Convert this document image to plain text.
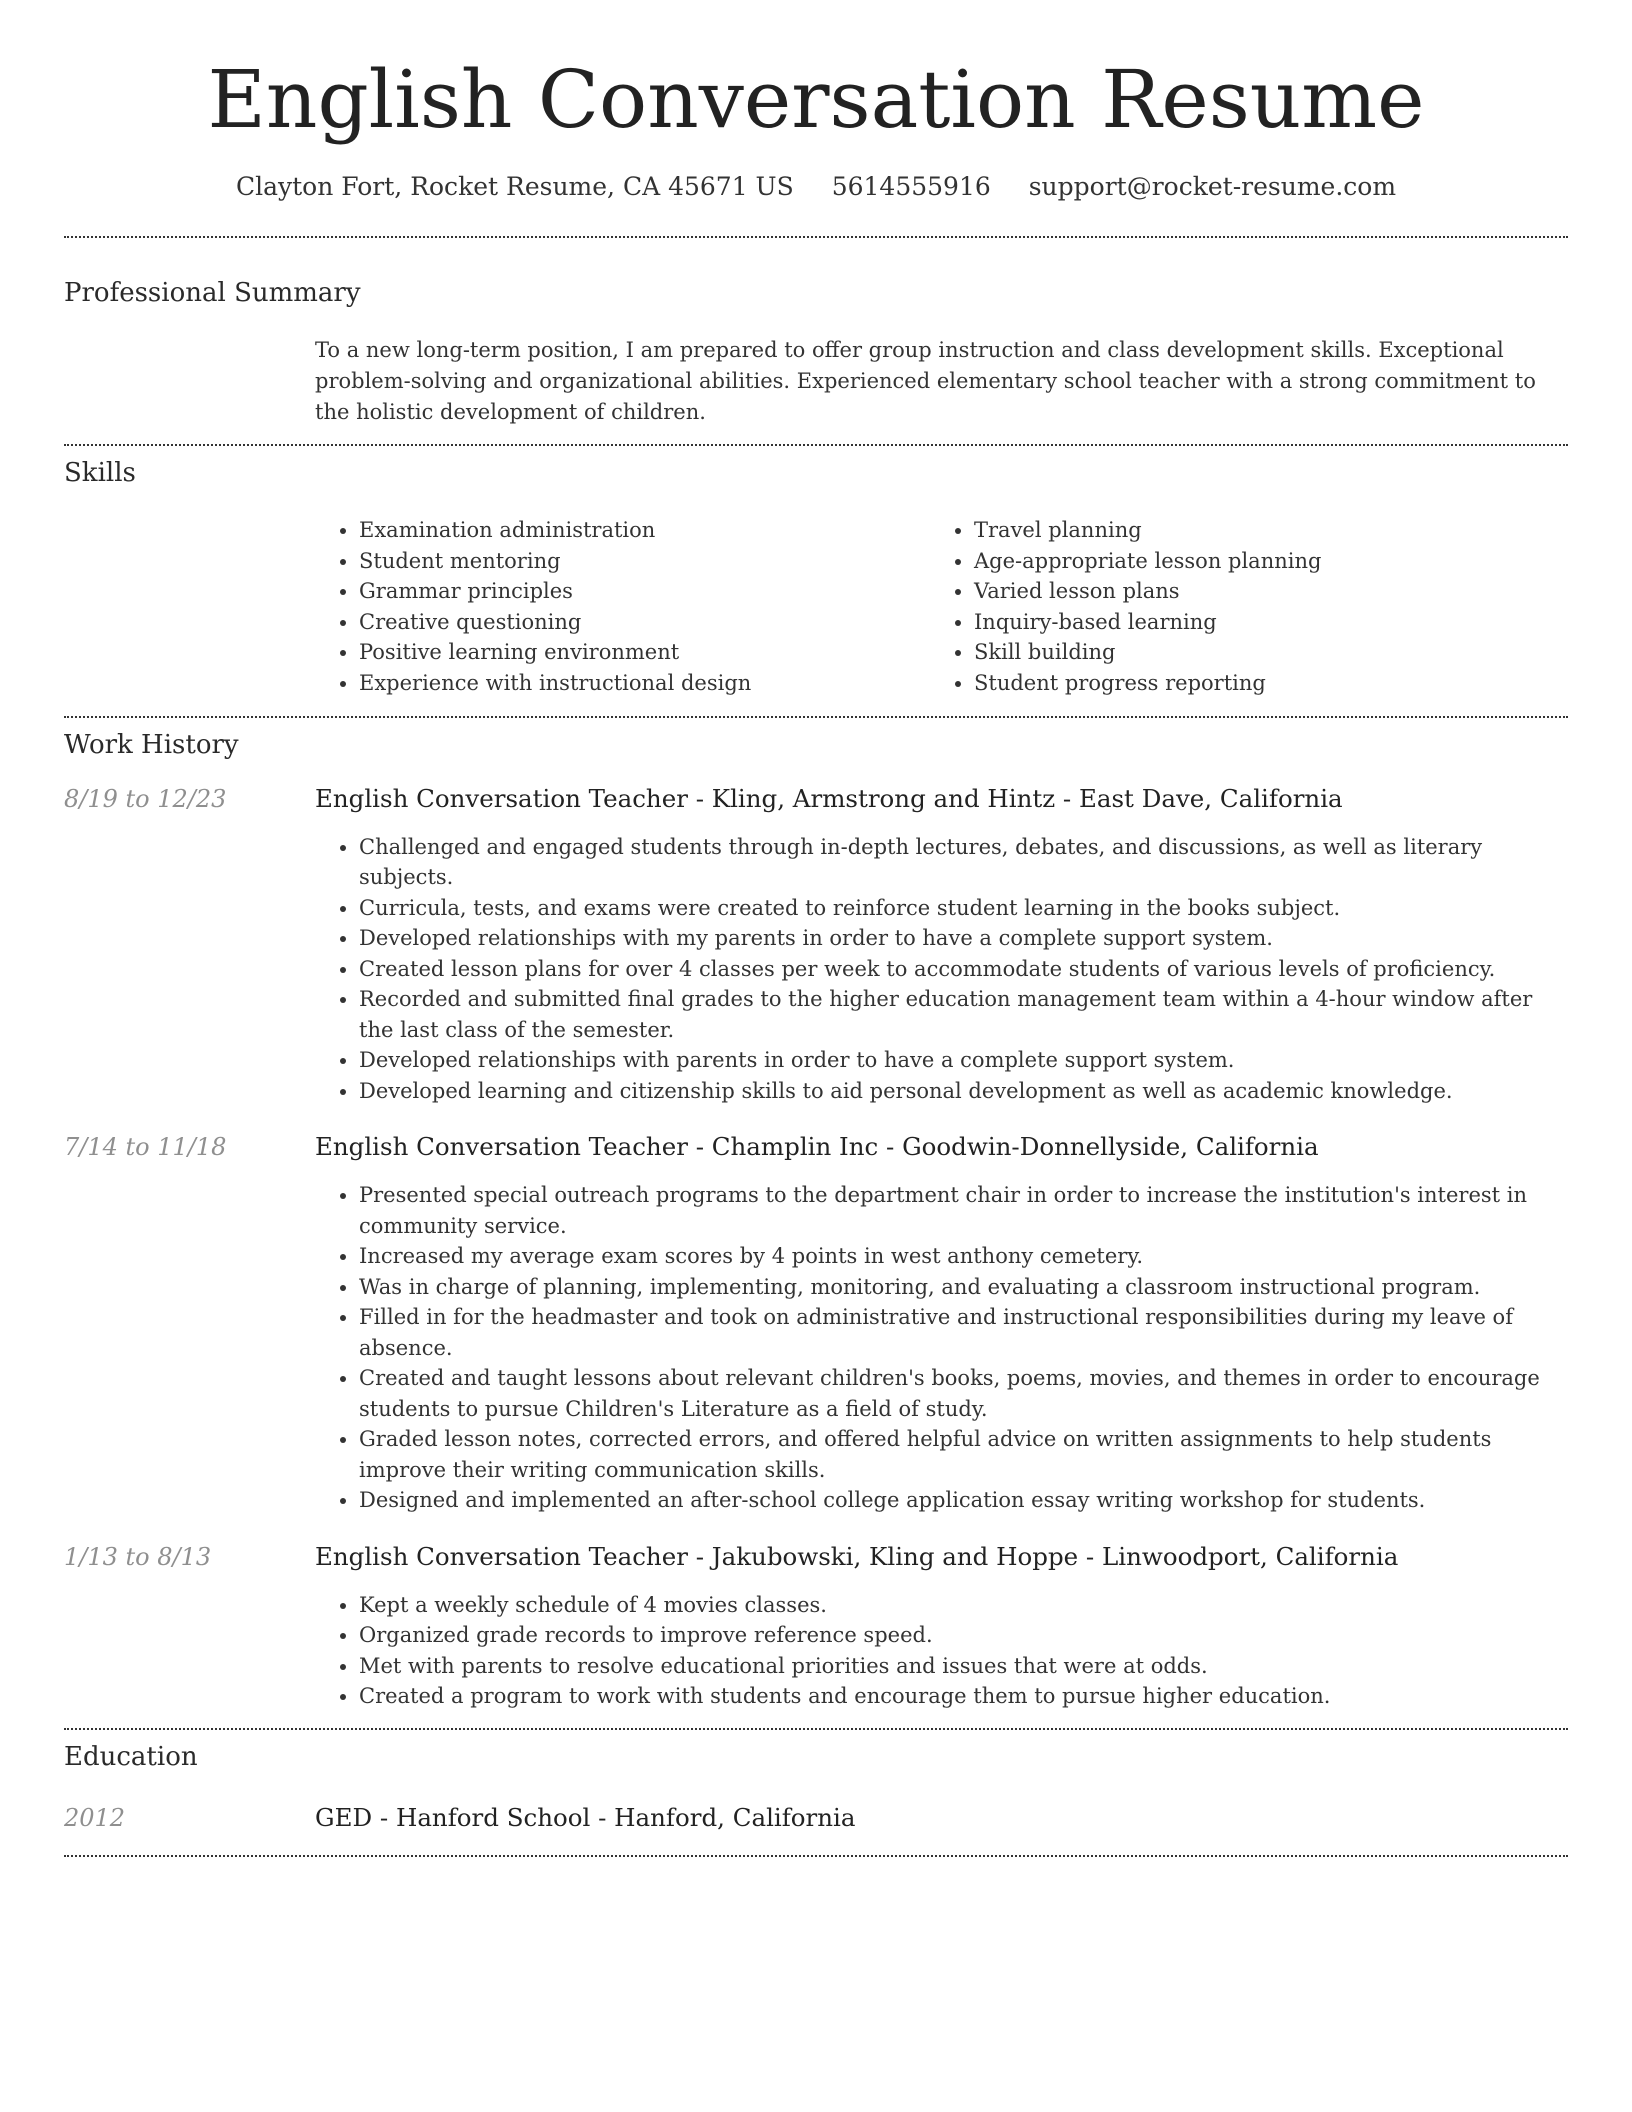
English Conversation Resume
Clayton Fort, Rocket Resume, CA 45671 US 5614555916 support@rocket-resume.com
Professional Summary
To a new long-term position, I am prepared to offer group instruction and class development skills. Exceptional problem-solving and organizational abilities. Experienced elementary school teacher with a strong commitment to the holistic development of children.
Skills
• Examination administration
• Student mentoring
• Grammar principles
• Creative questioning
• Positive learning environment
• Experience with instructional design
• Travel planning
• Age-appropriate lesson planning
• Varied lesson plans
• Inquiry-based learning
• Skill building
• Student progress reporting
Work History
8/19 to 12/23	English Conversation Teacher - Kling, Armstrong and Hintz - East Dave, California
• Challenged and engaged students through in-depth lectures, debates, and discussions, as well as literary subjects.
• Curricula, tests, and exams were created to reinforce student learning in the books subject.
• Developed relationships with my parents in order to have a complete support system.
• Created lesson plans for over 4 classes per week to accommodate students of various levels of proficiency.
• Recorded and submitted final grades to the higher education management team within a 4-hour window after the last class of the semester.
• Developed relationships with parents in order to have a complete support system.
• Developed learning and citizenship skills to aid personal development as well as academic knowledge.
7/14 to 11/18	English Conversation Teacher - Champlin Inc - Goodwin-Donnellyside, California
• Presented special outreach programs to the department chair in order to increase the institution's interest in community service.
• Increased my average exam scores by 4 points in west anthony cemetery.
• Was in charge of planning, implementing, monitoring, and evaluating a classroom instructional program.
• Filled in for the headmaster and took on administrative and instructional responsibilities during my leave of absence.
• Created and taught lessons about relevant children's books, poems, movies, and themes in order to encourage students to pursue Children's Literature as a field of study.
• Graded lesson notes, corrected errors, and offered helpful advice on written assignments to help students improve their writing communication skills.
• Designed and implemented an after-school college application essay writing workshop for students.
1/13 to 8/13	English Conversation Teacher - Jakubowski, Kling and Hoppe - Linwoodport, California
• Kept a weekly schedule of 4 movies classes.
• Organized grade records to improve reference speed.
• Met with parents to resolve educational priorities and issues that were at odds.
• Created a program to work with students and encourage them to pursue higher education.
Education
2012	GED - Hanford School - Hanford, California
